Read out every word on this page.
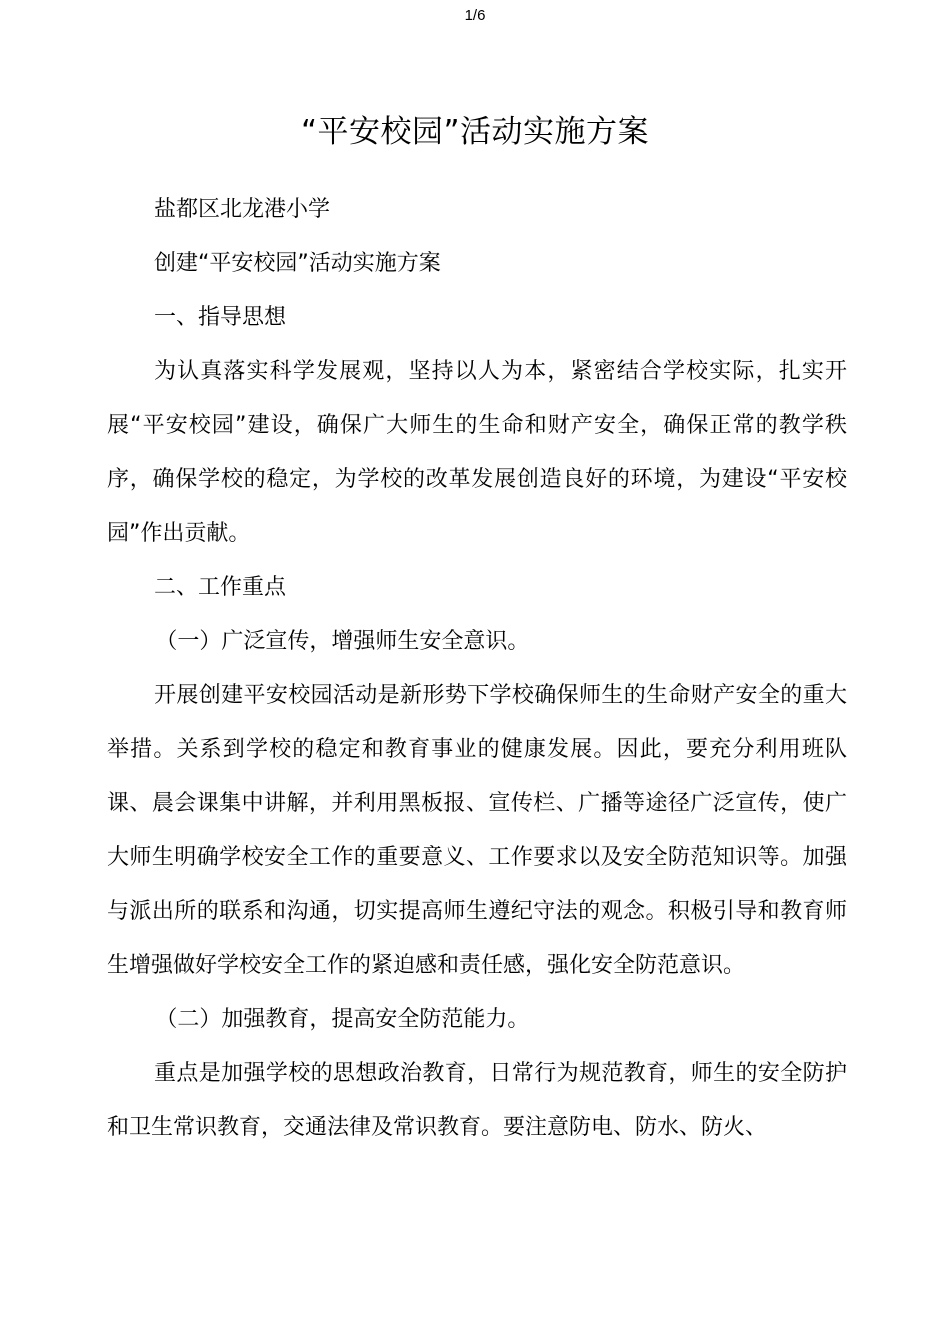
1/6
“平安校园”活动实施方案

盐都区北龙港小学

创建“平安校园”活动实施方案

一、指导思想

为认真落实科学发展观，坚持以人为本，紧密结合学校实际，扎实开展“平安校园”建设，确保广大师生的生命和财产安全，确保正常的教学秩序，确保学校的稳定，为学校的改革发展创造良好的环境，为建设“平安校园”作出贡献。

二、工作重点

（一）广泛宣传，增强师生安全意识。

开展创建平安校园活动是新形势下学校确保师生的生命财产安全的重大举措。关系到学校的稳定和教育事业的健康发展。因此，要充分利用班队课、晨会课集中讲解，并利用黑板报、宣传栏、广播等途径广泛宣传，使广大师生明确学校安全工作的重要意义、工作要求以及安全防范知识等。加强与派出所的联系和沟通，切实提高师生遵纪守法的观念。积极引导和教育师生增强做好学校安全工作的紧迫感和责任感，强化安全防范意识。

（二）加强教育，提高安全防范能力。

重点是加强学校的思想政治教育，日常行为规范教育，师生的安全防护和卫生常识教育，交通法律及常识教育。要注意防电、防水、防火、
